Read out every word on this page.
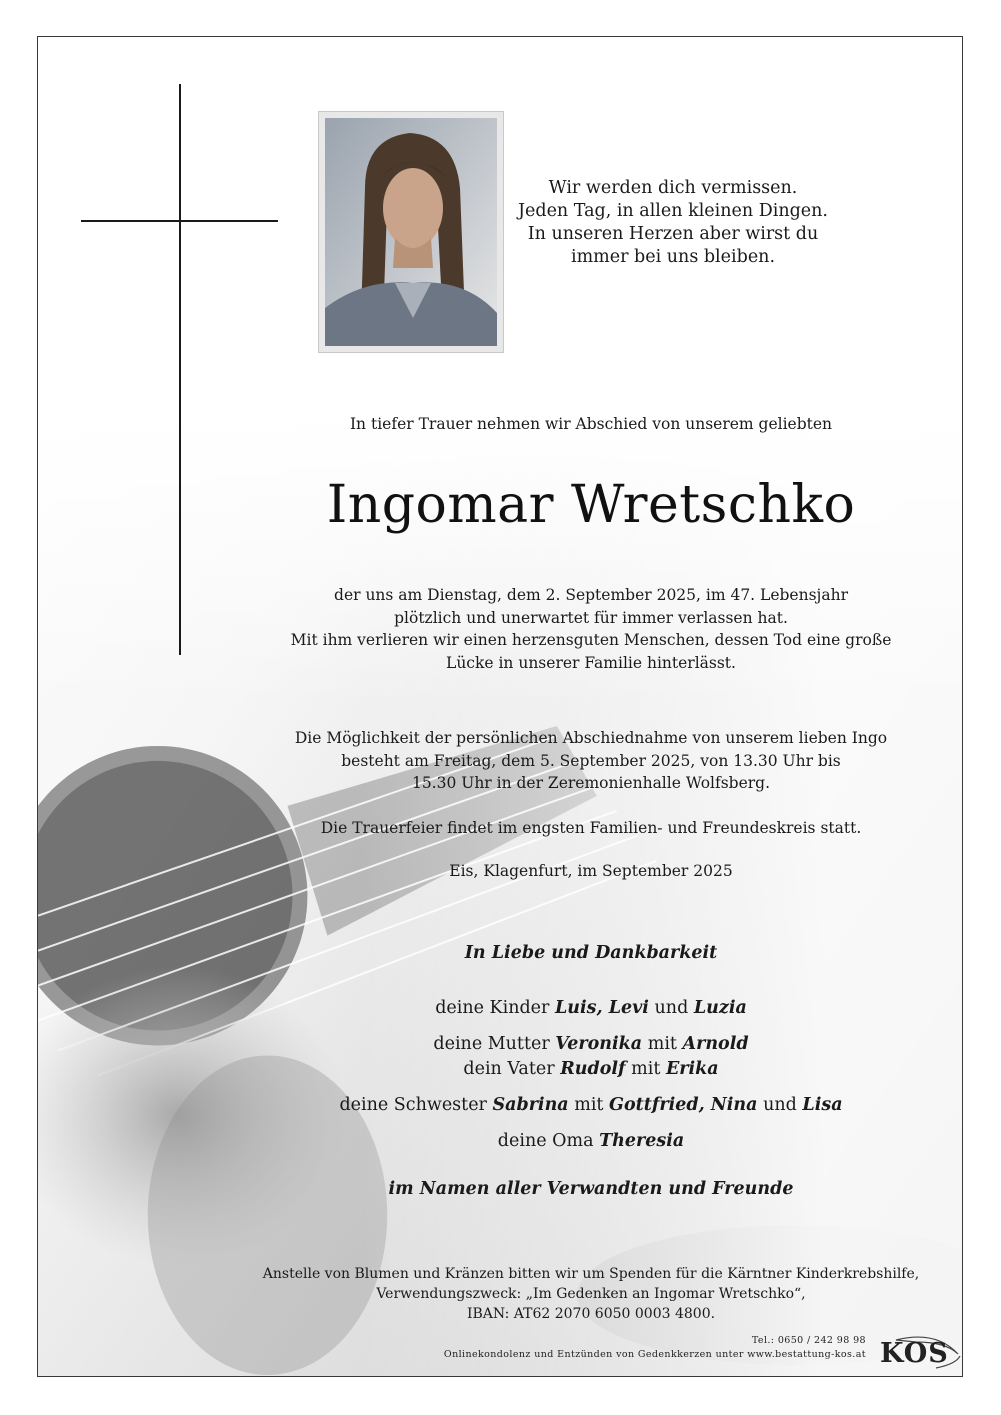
Wir werden dich vermissen.
Jeden Tag, in allen kleinen Dingen.
In unseren Herzen aber wirst du
immer bei uns bleiben.
In tiefer Trauer nehmen wir Abschied von unserem geliebten
Ingomar Wretschko
der uns am Dienstag, dem 2. September 2025, im 47. Lebensjahr
plötzlich und unerwartet für immer verlassen hat.
Mit ihm verlieren wir einen herzensguten Menschen, dessen Tod eine große
Lücke in unserer Familie hinterlässt.
Die Möglichkeit der persönlichen Abschiednahme von unserem lieben Ingo
besteht am Freitag, dem 5. September 2025, von 13.30 Uhr bis
15.30 Uhr in der Zeremonienhalle Wolfsberg.
Die Trauerfeier findet im engsten Familien- und Freundeskreis statt.
Eis, Klagenfurt, im September 2025
In Liebe und Dankbarkeit
deine Kinder Luis, Levi und Luzia
deine Mutter Veronika mit Arnold
dein Vater Rudolf mit Erika
deine Schwester Sabrina mit Gottfried, Nina und Lisa
deine Oma Theresia
im Namen aller Verwandten und Freunde
Anstelle von Blumen und Kränzen bitten wir um Spenden für die Kärntner Kinderkrebshilfe,
Verwendungszweck: „Im Gedenken an Ingomar Wretschko“,
IBAN: AT62 2070 6050 0003 4800.
Tel.: 0650 / 242 98 98
Onlinekondolenz und Entzünden von Gedenkkerzen unter www.bestattung-kos.at KOS
